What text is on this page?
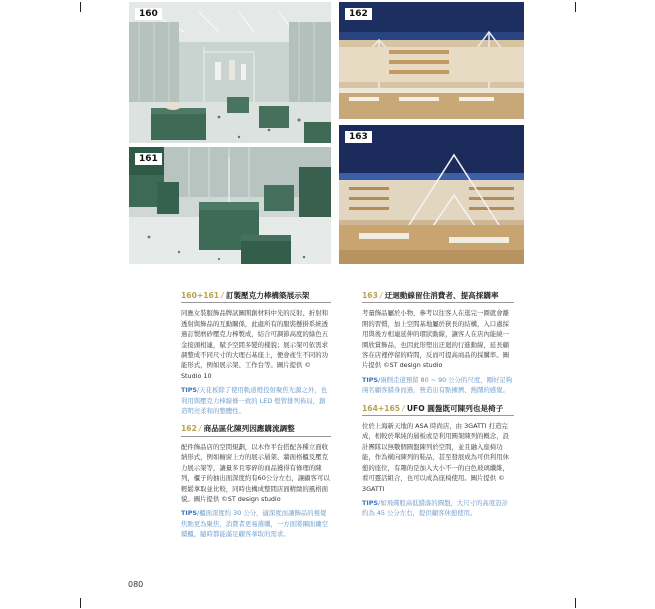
160
161
162
163
160+161 / 訂製壓克力棒構築展示架

同應女裝服飾品牌試圖開創材料中光的反射、折射和透射與飾品的互動關係，此處所有的服裝懸掛系統透過訂製磨砂壓克力棒製成，結合可調節高度的綠色五金接頭相連，賦予空間多變的樣貌；展示架可依需求調整成不同尺寸的大理石基座上，便會產生不同的功能形式，例如展示架、工作台等。圖片提供 © Studio 10

TIPS/天花板除了使用軌道燈投射聚焦光源之外，也利用與壓克力棒線條一致的 LED 燈管排列佈局，創造明亮柔和的整體性。

162 / 商品區化陳列因應購流調整

配件飾品店的空間規劃，以木作平台搭配各種立面收納形式，例如櫥窗上方的展示層架、牆面格櫃及壓克力展示架等，讓量多且零碎的商品獲得有條理的陳列，櫃子的抽出面深度約有60公分左右，讓顧客可以輕鬆拿取並比較，同時也構成整間店面精緻的風格面貌。圖片提供 ©ST design studio

TIPS/櫃面深度約 30 公分，適深度而讓飾品的視覺焦點更為聚焦，消費者更易選購，一方面將鋼面鏤空續櫃，隨時都能滿足顧客拿取的需求。

163 / 迂迴動線留住消費者、提高採購率

考量飾品屬於小物，參考以往客人在逛完一圈就會離開的習慣，加上空間基地屬於狹長的結構，入口處採用與後方相連延伸的環狀動線，讓客人在店內能繞一圈欣賞飾品，也因此形塑出迂迴的行進動線，延長顧客在店裡停留的時間，反而可提高商品的採購率。圖片提供 ©ST design studio

TIPS/兩側走道預留 80 ~ 90 公分的尺度，剛好足夠兩名顧客錯身而過，營造出有點擁擠、熱鬧的感覺。

164+165 / UFO 圓盤既可陳列也是椅子

位於上海新天地的 ASA 時尚店，由 3GATTI 打造完成，相較於單純的層板或是利用圓架陳列的概念，設計團隊以無數個圓盤陳列於空間，並且融入座椅功能，作為橫向陳列的鞋品，甚至發展成為可供利用休憩的座位，有趣的是加入大小不一的白色玻璃纖維，看可靈活組合，也可以成為座椅使用。圖片提供 © 3GATTI

TIPS/如飛碟般高低錯落的圓盤，大尺寸的高度設計約為 45 公分左右，提供顧客休憩使用。

080
